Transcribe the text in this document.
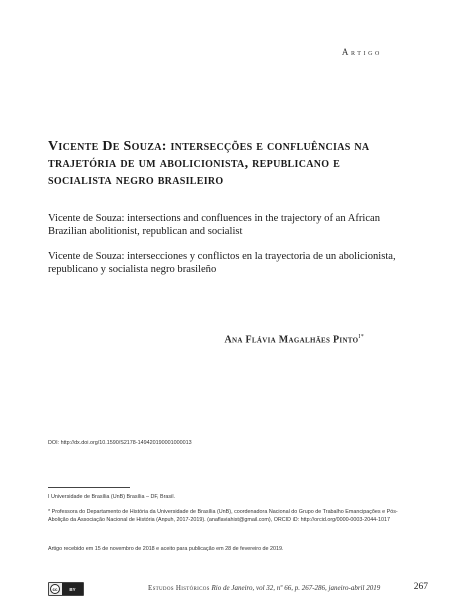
Artigo
Vicente De Souza: intersecções e confluências na trajetória de um abolicionista, republicano e socialista negro brasileiro

Vicente de Souza: intersections and confluences in the trajectory of an African Brazilian abolitionist, republican and socialist

Vicente de Souza: intersecciones y conflictos en la trayectoria de un abolicionista, republicano y socialista negro brasileño

Ana Flávia Magalhães Pinto$^{I*}$
DOI: http://dx.doi.org/10.1590/S2178-149420190001000013

I Universidade de Brasília (UnB) Brasília – DF, Brasil.

* Professora do Departamento de História da Universidade de Brasília (UnB), coordenadora Nacional do Grupo de Trabalho Emancipações e Pós-Abolição da Associação Nacional de História (Anpuh, 2017-2019). (anaflaviahist@gmail.com), ORCID iD: http://orcid.org/0000-0003-2044-1017

Artigo recebido em 15 de novembro de 2018 e aceito para publicação em 28 de fevereiro de 2019.

cc	BY	Estudos Históricos Rio de Janeiro, vol 32, nº 66, p. 267-286, janeiro-abril 2019	267
